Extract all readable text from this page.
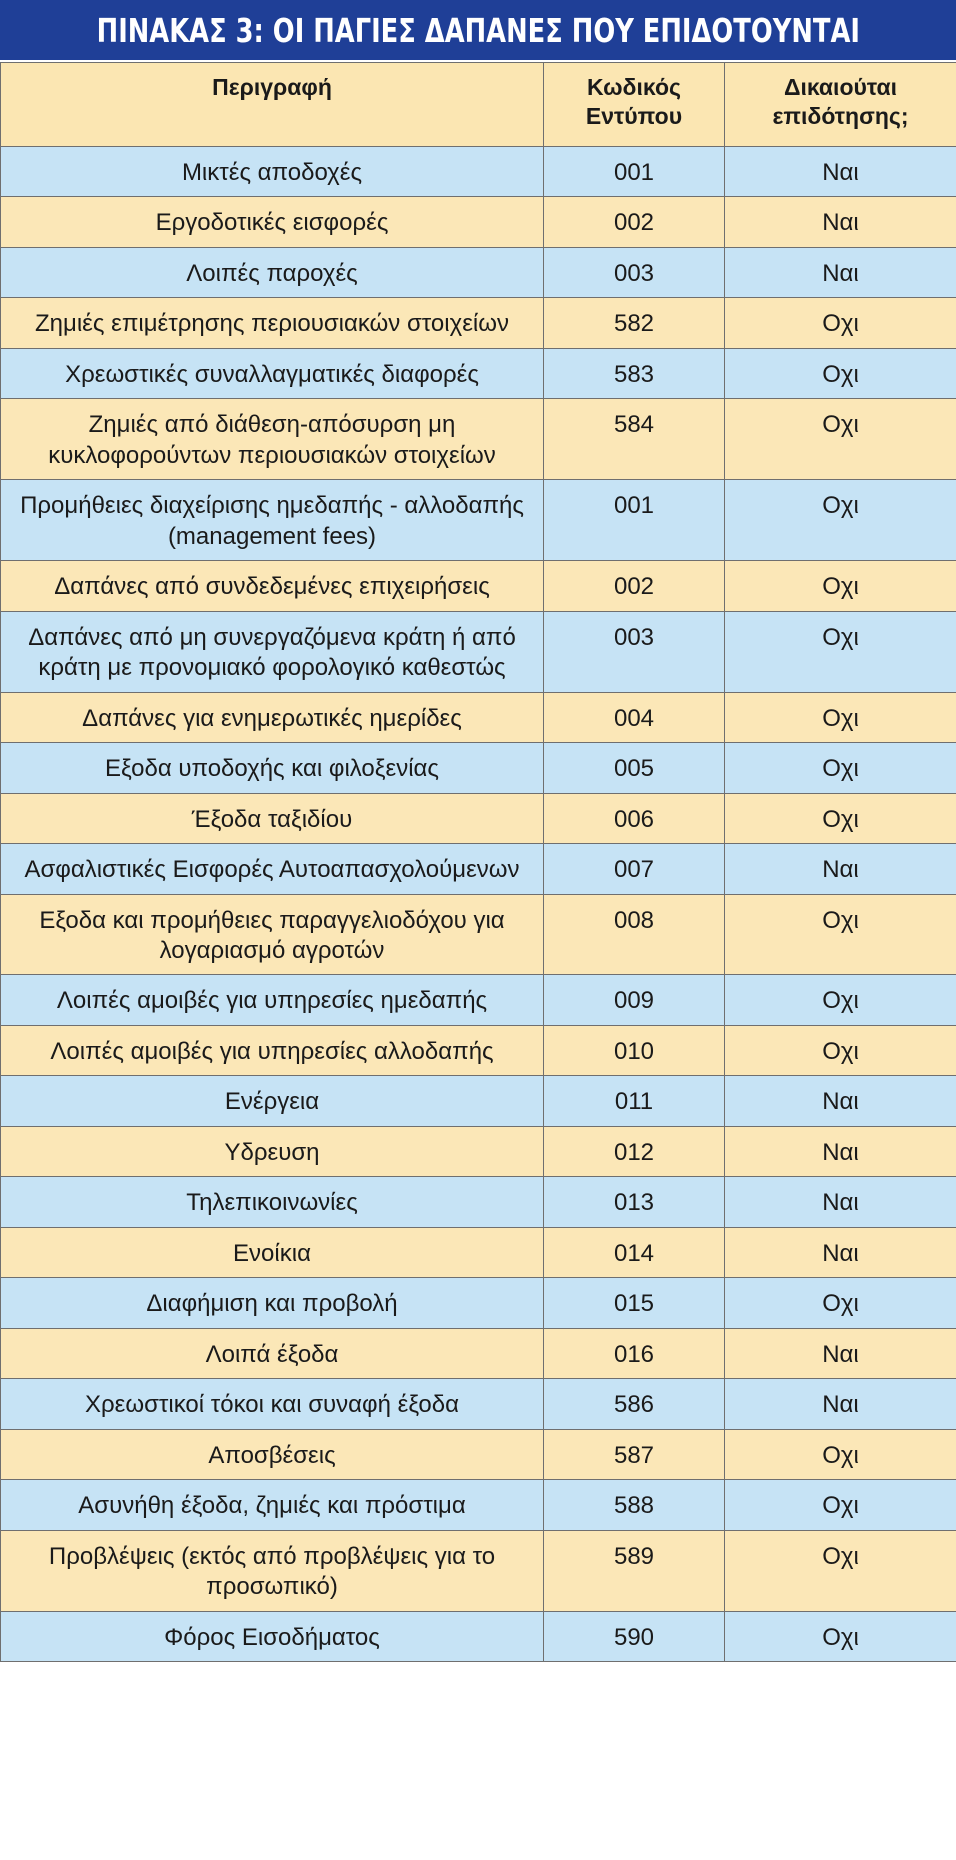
ΠΙΝΑΚΑΣ 3: ΟΙ ΠΑΓΙΕΣ ΔΑΠΑΝΕΣ ΠΟΥ ΕΠΙΔΟΤΟΥΝΤΑΙ
Περιγραφή	Κωδικός Εντύπου	Δικαιούται επιδότησης;
Μικτές αποδοχές	001	Ναι
Εργοδοτικές εισφορές	002	Ναι
Λοιπές παροχές	003	Ναι
Ζημιές επιμέτρησης περιουσιακών στοιχείων	582	Οχι
Χρεωστικές συναλλαγματικές διαφορές	583	Οχι
Ζημιές από διάθεση-απόσυρση μη κυκλοφορούντων περιουσιακών στοιχείων	584	Οχι
Προμήθειες διαχείρισης ημεδαπής - αλλοδαπής (management fees)	001	Οχι
Δαπάνες από συνδεδεμένες επιχειρήσεις	002	Οχι
Δαπάνες από μη συνεργαζόμενα κράτη ή από κράτη με προνομιακό φορολογικό καθεστώς	003	Οχι
Δαπάνες για ενημερωτικές ημερίδες	004	Οχι
Εξοδα υποδοχής και φιλοξενίας	005	Οχι
Έξοδα ταξιδίου	006	Οχι
Ασφαλιστικές Εισφορές Αυτοαπασχολούμενων	007	Ναι
Εξοδα και προμήθειες παραγγελιοδόχου για λογαριασμό αγροτών	008	Οχι
Λοιπές αμοιβές για υπηρεσίες ημεδαπής	009	Οχι
Λοιπές αμοιβές για υπηρεσίες αλλοδαπής	010	Οχι
Ενέργεια	011	Ναι
Υδρευση	012	Ναι
Τηλεπικοινωνίες	013	Ναι
Ενοίκια	014	Ναι
Διαφήμιση και προβολή	015	Οχι
Λοιπά έξοδα	016	Ναι
Χρεωστικοί τόκοι και συναφή έξοδα	586	Ναι
Αποσβέσεις	587	Οχι
Ασυνήθη έξοδα, ζημιές και πρόστιμα	588	Οχι
Προβλέψεις (εκτός από προβλέψεις για το προσωπικό)	589	Οχι
Φόρος Εισοδήματος	590	Οχι
